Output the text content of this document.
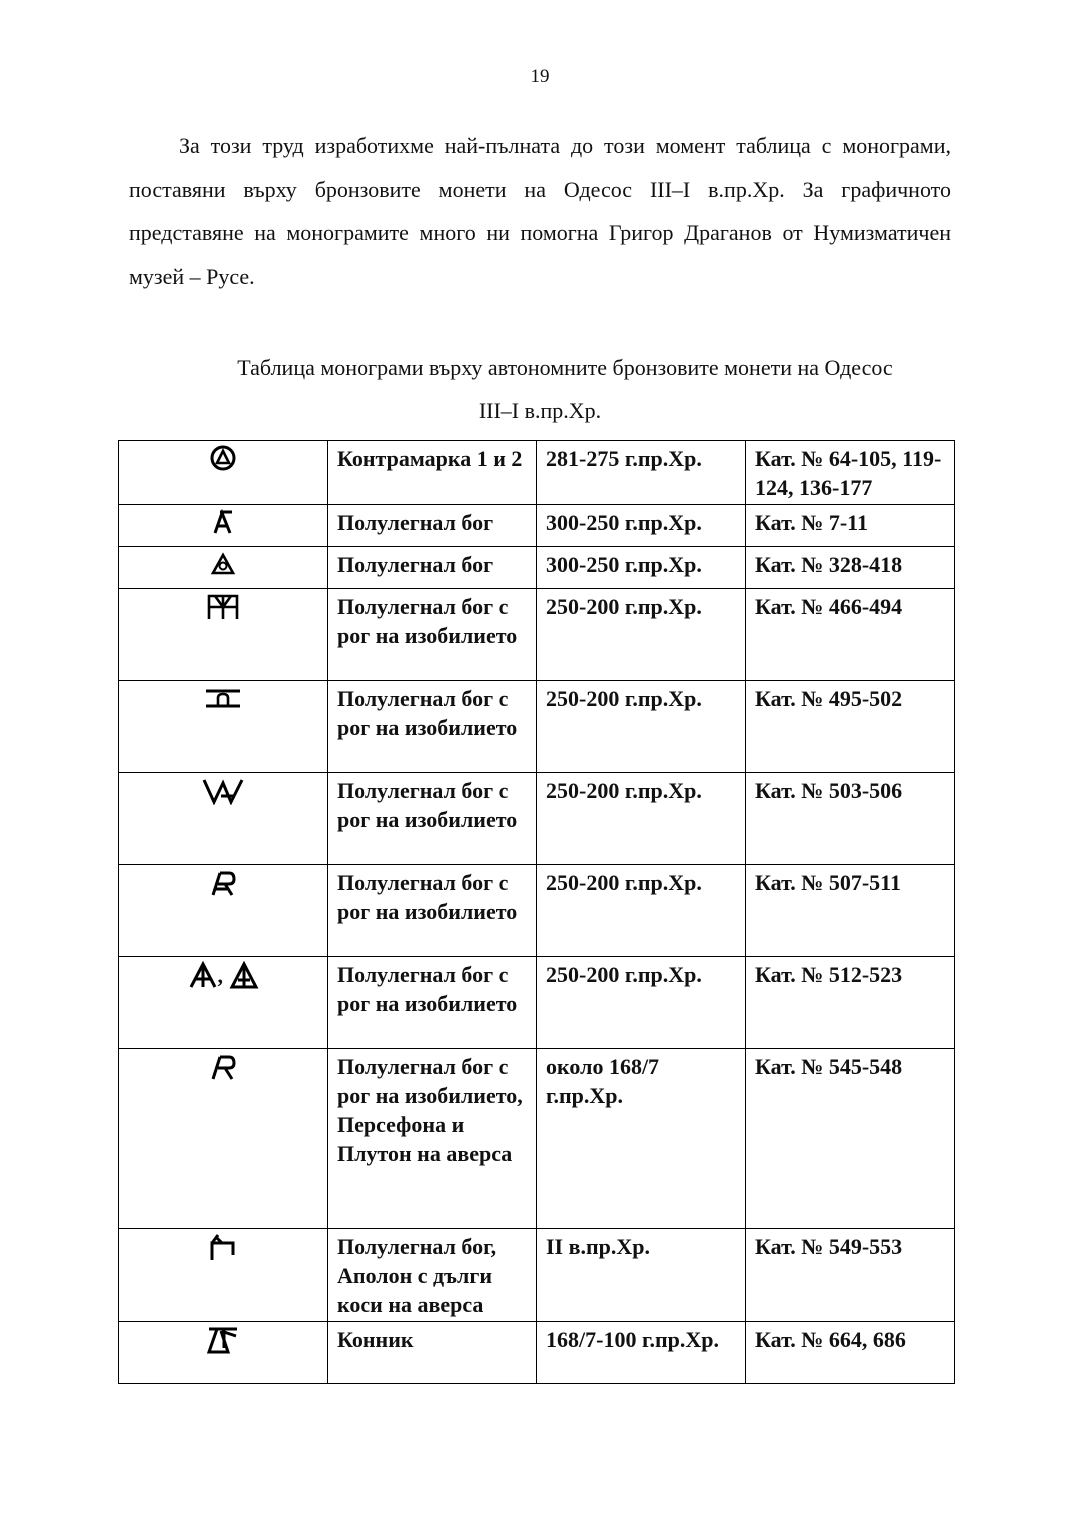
19

За този труд изработихме най-пълната до този момент таблица с монограми, поставяни върху бронзовите монети на Одесос III–I в.пр.Хр. За графичното представяне на монограмите много ни помогна Григор Драганов от Нумизматичен музей – Русе.

Таблица монограми върху автономните бронзовите монети на Одесос
III–I в.пр.Хр.

	Контрамарка 1 и 2	281-275 г.пр.Хр.	Кат. № 64-105, 119-124, 136-177
	Полулегнал бог	300-250 г.пр.Хр.	Кат. № 7-11
	Полулегнал бог	300-250 г.пр.Хр.	Кат. № 328-418
	Полулегнал бог с рог на изобилието	250-200 г.пр.Хр.	Кат. № 466-494
	Полулегнал бог с рог на изобилието	250-200 г.пр.Хр.	Кат. № 495-502
	Полулегнал бог с рог на изобилието	250-200 г.пр.Хр.	Кат. № 503-506
	Полулегнал бог с рог на изобилието	250-200 г.пр.Хр.	Кат. № 507-511
,	Полулегнал бог с рог на изобилието	250-200 г.пр.Хр.	Кат. № 512-523
	Полулегнал бог с рог на изобилието, Персефона и Плутон на аверса	около 168/7 г.пр.Хр.	Кат. № 545-548
	Полулегнал бог, Аполон с дълги коси на аверса	II в.пр.Хр.	Кат. № 549-553
	Конник	168/7-100 г.пр.Хр.	Кат. № 664, 686
